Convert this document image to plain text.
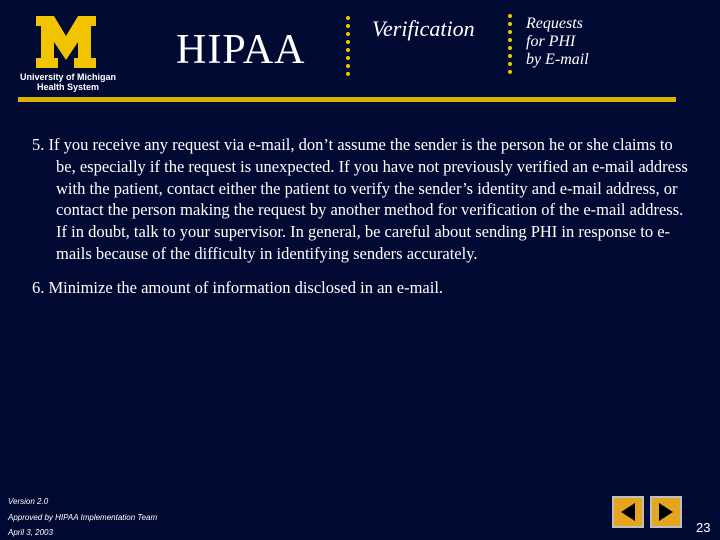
University of Michigan
Health System
HIPAA	Verification	Requests
for PHI
by E-mail

5. If you receive any request via e-mail, don’t assume the sender is the person he or she claims to be, especially if the request is unexpected. If you have not previously verified an e-mail address with the patient, contact either the patient to verify the sender’s identity and e-mail address, or contact the person making the request by another method for verification of the e-mail address. If in doubt, talk to your supervisor. In general, be careful about sending PHI in response to e-mails because of the difficulty in identifying senders accurately.

6. Minimize the amount of information disclosed in an e-mail.

Version 2.0
Approved by HIPAA Implementation Team
April 3, 2003	23
